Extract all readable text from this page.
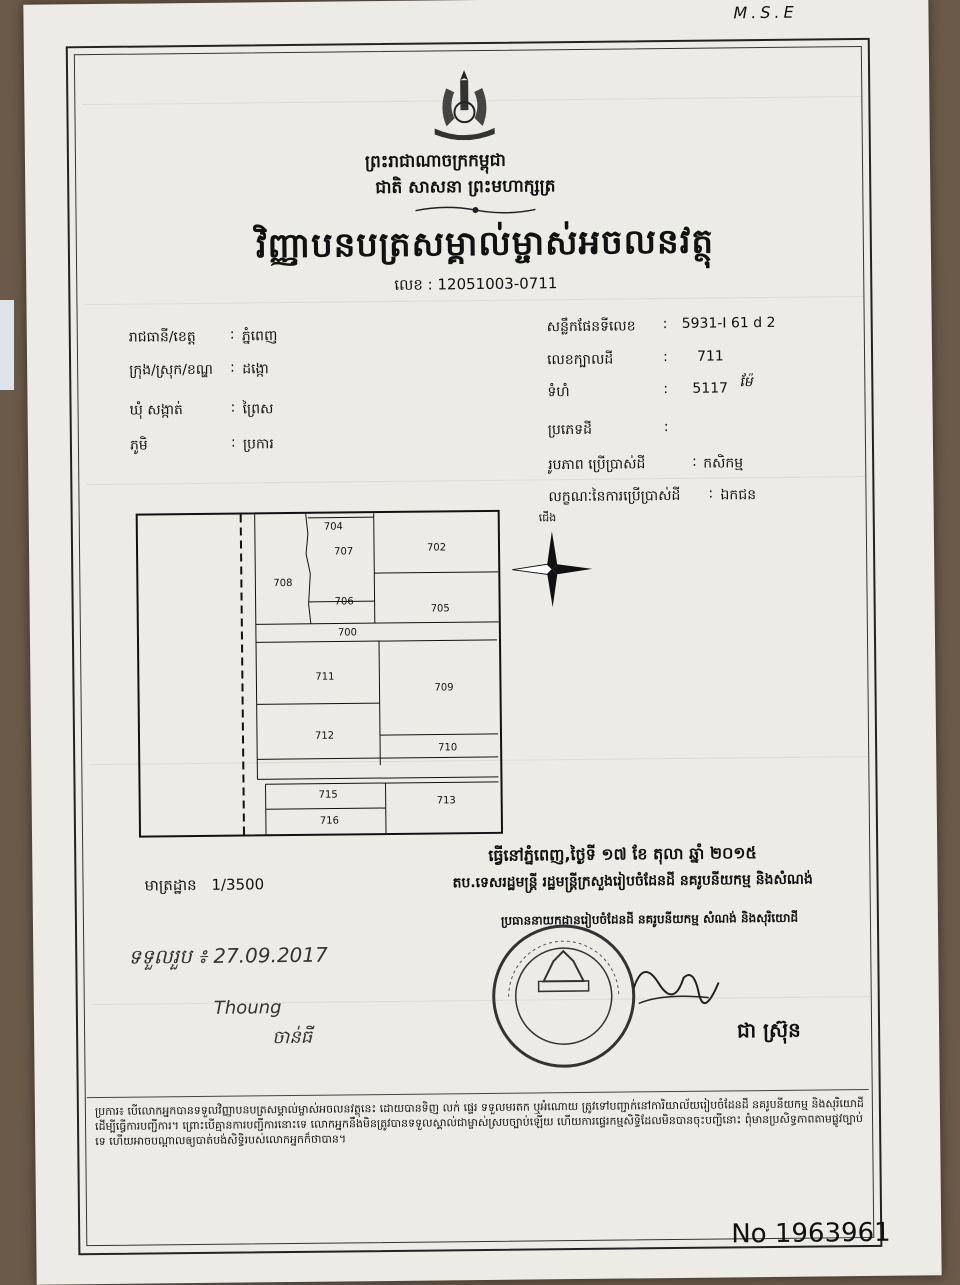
M.S.E
ព្រះរាជាណាចក្រកម្ពុជា
ជាតិ សាសនា ព្រះមហាក្សត្រ
វិញ្ញាបនបត្រសម្គាល់ម្ចាស់អចលនវត្ថុ
លេខ : 12051003-0711
រាជធានី/ខេត្ត : ភ្នំពេញ
ក្រុង/ស្រុក/ខណ្ឌ : ដង្កោ
ឃុំ សង្កាត់	: ព្រៃស
ភូមិ	: ប្រការ
សន្លឹកផែនទីលេខ : 5931-I 61 d 2
លេខក្បាលដី	: 711
ទំហំ	: 5117 ម៉ែ
ប្រភេទដី	:
រូបភាព ប្រើប្រាស់ដី	: កសិកម្ម
លក្ខណៈនៃការប្រើប្រាស់ដី : ឯកជន
704
707	702
708
706
705
700
711
709
712
710
715
713
716
ជើង
មាត្រដ្ឋាន 1/3500
ធ្វើនៅភ្នំពេញ,ថ្ងៃទី ១៧ ខែ តុលា ឆ្នាំ ២០១៥
តប.ទេសរដ្ឋមន្ត្រី រដ្ឋមន្ត្រីក្រសួងរៀបចំដែនដី នគរូបនីយកម្ម និងសំណង់
ប្រធាននាយកដ្ឋានរៀបចំដែនដី នគរូបនីយកម្ម សំណង់ និងសុរិយោដី
ជា ស្រ៊ុន
ទទួលរួប ៖ 27.09.2017
Thoung
ចាន់ធី
ប្រការ៖ បើលោកអ្នកបានទទួលវិញ្ញាបនបត្រសម្គាល់ម្ចាស់អចលនវត្ថុនេះ ដោយបានទិញ លក់ ផ្ទេរ ទទួលមរតក ឬអំណោយ ត្រូវទៅបញ្ជាក់នៅការិយាល័យរៀបចំដែនដី នគរូបនីយកម្ម និងសុរិយោដី ដើម្បីធ្វើការបញ្ជីការ។ ព្រោះបើគ្មានការបញ្ជីការនោះទេ លោកអ្នកនឹងមិនត្រូវបានទទួលស្គាល់ជាម្ចាស់ស្របច្បាប់ឡើយ ហើយការផ្ទេរកម្មសិទ្ធិដែលមិនបានចុះបញ្ជីនោះ ពុំមានប្រសិទ្ធភាពតាមផ្លូវច្បាប់ទេ ហើយអាចបណ្តាលឲ្យបាត់បង់សិទ្ធិរបស់លោកអ្នកក៏ថាបាន។
No 1963961
